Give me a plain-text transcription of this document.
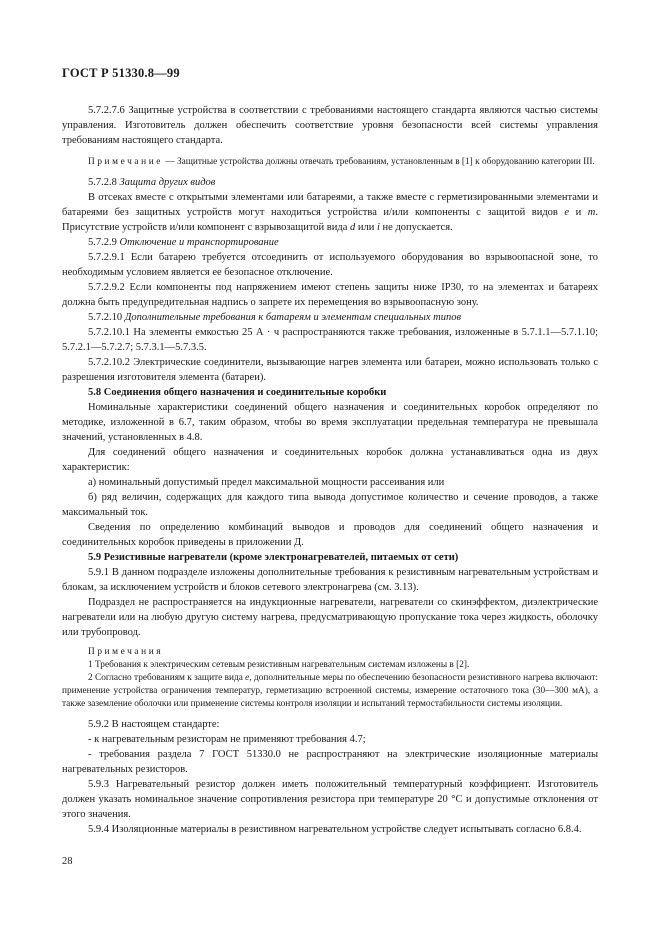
ГОСТ Р 51330.8—99

5.7.2.7.6 Защитные устройства в соответствии с требованиями настоящего стандарта являются частью системы управления. Изготовитель должен обеспечить соответствие уровня безопасности всей системы управления требованиям настоящего стандарта.

Примечание — Защитные устройства должны отвечать требованиям, установленным в [1] к оборудованию категории III.

5.7.2.8 Защита других видов

В отсеках вместе с открытыми элементами или батареями, а также вместе с герметизированными элементами и батареями без защитных устройств могут находиться устройства и/или компоненты с защитой видов е и т. Присутствие устройств и/или компонент с взрывозащитой вида d или i не допускается.

5.7.2.9 Отключение и транспортирование

5.7.2.9.1 Если батарею требуется отсоединить от используемого оборудования во взрывоопасной зоне, то необходимым условием является ее безопасное отключение.

5.7.2.9.2 Если компоненты под напряжением имеют степень защиты ниже IP30, то на элементах и батареях должна быть предупредительная надпись о запрете их перемещения во взрывоопасную зону.

5.7.2.10 Дополнительные требования к батареям и элементам специальных типов

5.7.2.10.1 На элементы емкостью 25 А · ч распространяются также требования, изложенные в 5.7.1.1—5.7.1.10; 5.7.2.1—5.7.2.7; 5.7.3.1—5.7.3.5.

5.7.2.10.2 Электрические соединители, вызывающие нагрев элемента или батареи, можно использовать только с разрешения изготовителя элемента (батареи).

5.8 Соединения общего назначения и соединительные коробки

Номинальные характеристики соединений общего назначения и соединительных коробок определяют по методике, изложенной в 6.7, таким образом, чтобы во время эксплуатации предельная температура не превышала значений, установленных в 4.8.

Для соединений общего назначения и соединительных коробок должна устанавливаться одна из двух характеристик:

а) номинальный допустимый предел максимальной мощности рассеивания или

б) ряд величин, содержащих для каждого типа вывода допустимое количество и сечение проводов, а также максимальный ток.

Сведения по определению комбинаций выводов и проводов для соединений общего назначения и соединительных коробок приведены в приложении Д.

5.9 Резистивные нагреватели (кроме электронагревателей, питаемых от сети)

5.9.1 В данном подразделе изложены дополнительные требования к резистивным нагревательным устройствам и блокам, за исключением устройств и блоков сетевого электронагрева (см. 3.13).

Подраздел не распространяется на индукционные нагреватели, нагреватели со скинэффектом, диэлектрические нагреватели или на любую другую систему нагрева, предусматривающую пропускание тока через жидкость, оболочку или трубопровод.

Примечания

1 Требования к электрическим сетевым резистивным нагревательным системам изложены в [2].

2 Согласно требованиям к защите вида е, дополнительные меры по обеспечению безопасности резистивного нагрева включают: применение устройства ограничения температур, герметизацию встроенной системы, измерение остаточного тока (30—300 мА), а также заземление оболочки или применение системы контроля изоляции и испытаний термостабильности системы изоляции.

5.9.2 В настоящем стандарте:

- к нагревательным резисторам не применяют требования 4.7;

- требования раздела 7 ГОСТ 51330.0 не распространяют на электрические изоляционные материалы нагревательных резисторов.

5.9.3 Нагревательный резистор должен иметь положительный температурный коэффициент. Изготовитель должен указать номинальное значение сопротивления резистора при температуре 20 °С и допустимые отклонения от этого значения.

5.9.4 Изоляционные материалы в резистивном нагревательном устройстве следует испытывать согласно 6.8.4.

28
